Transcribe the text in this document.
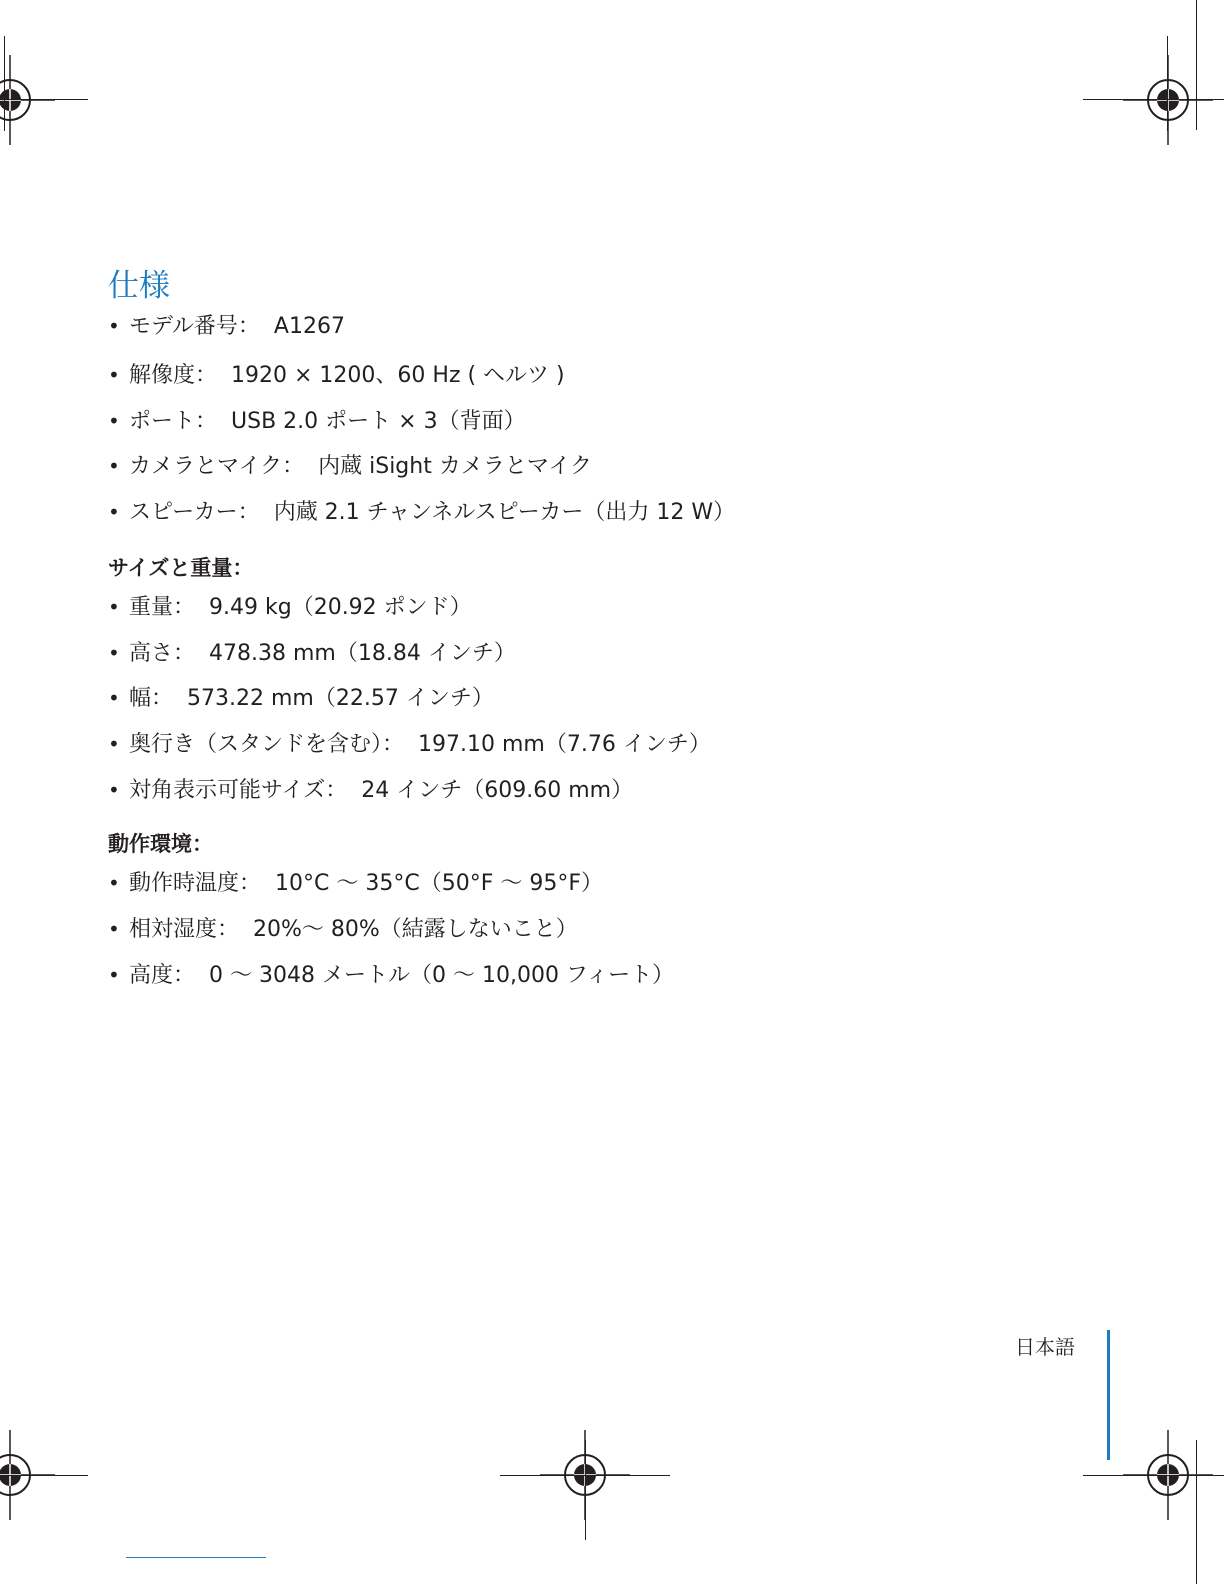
仕様
• モデル番号： A1267
• 解像度： 1920 × 1200、60 Hz ( ヘルツ )
• ポート： USB 2.0 ポート × 3（背面）
• カメラとマイク： 内蔵 iSight カメラとマイク
• スピーカー： 内蔵 2.1 チャンネルスピーカー（出力 12 W）
サイズと重量：
• 重量： 9.49 kg（20.92 ポンド）
• 高さ： 478.38 mm（18.84 インチ）
• 幅： 573.22 mm（22.57 インチ）
• 奥行き（スタンドを含む）： 197.10 mm（7.76 インチ）
• 対角表示可能サイズ： 24 インチ（609.60 mm）
動作環境：
• 動作時温度： 10°C 〜 35°C（50°F 〜 95°F）
• 相対湿度： 20%〜 80%（結露しないこと）
• 高度： 0 〜 3048 メートル（0 〜 10,000 フィート）
日本語
